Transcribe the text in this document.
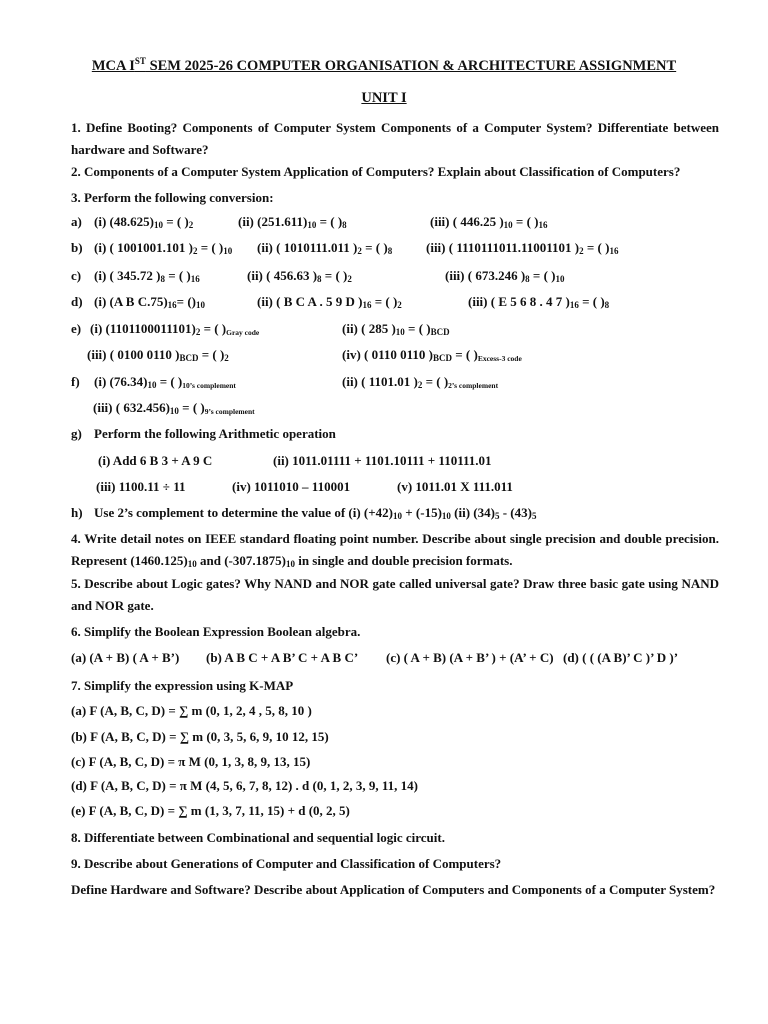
MCA IST SEM 2025-26 COMPUTER ORGANISATION & ARCHITECTURE ASSIGNMENT
UNIT I
1. Define Booting? Components of Computer System Components of a Computer System? Differentiate between hardware and Software?
2. Components of a Computer System Application of Computers? Explain about Classification of Computers?
3. Perform the following conversion:
a) (i) $(48.625)_{10}$ = ( )$_2$	(ii) $(251.611)_{10}$ = ( )$_8$	(iii) ( 446.25 )$_{10}$ = ( )$_{16}$
b) (i) ( 1001001.101 )$_2$ = ( )$_{10}$ (ii) ( 1010111.011 )$_2$ = ( )$_8$	(iii) ( 1110111011.11001101 )$_2$ = ( )$_{16}$
c) (i) ( 345.72 )$_8$ = ( )$_{16}$	(ii) ( 456.63 )$_8$ = ( )$_2$	(iii) ( 673.246 )$_8$ = ( )$_{10}$
d) (i) (A B $C.75)_{16}= ()_{10}$	(ii) ( B C A . 5 9 D )$_{16}$ = ( )$_2$	(iii) ( E 5 6 8 . 4 7 )$_{16}$ = ( )$_8$
e) (i) $(1101100011101)_2$ = ( )$_{Gray code}$	(ii) ( 285 )$_{10}$ = ( )$_{BCD}$
(iii) ( 0100 0110 )$_{BCD}$ = ( )$_2$	(iv) ( 0110 0110 )$_{BCD}$ = ( )$_{Excess-3 code}$
f) (i) $(76.34)_{10}$ = ( )$_{10’s complement}$	(ii) ( 1101.01 )$_2$ = ( )$_{2’s complement}$
(iii) ( $632.456)_{10}$ = ( )$_{9’s complement}$
g) Perform the following Arithmetic operation
(i) Add 6 B 3 + A 9 C	(ii) 1011.01111 + 1101.10111 + 110111.01
(iii) 1100.11 ÷ 11	(iv) 1011010 – 110001	(v) 1011.01 X 111.011
h) Use 2’s complement to determine the value of (i) $(+42)_{10} + (-15)_{10}$ (ii) $(34)_5 - (43)_5$
4. Write detail notes on IEEE standard floating point number. Describe about single precision and double precision. Represent $(1460.125)_{10}$ and $(-307.1875)_{10}$ in single and double precision formats.
5. Describe about Logic gates? Why NAND and NOR gate called universal gate? Draw three basic gate using NAND and NOR gate.
6. Simplify the Boolean Expression Boolean algebra.
(a) (A + B) ( A + B’) (b) A B C + A B’ C + A B C’ (c) ( A + B) (A + B’ ) + (A’ + C) (d) ( ( (A B)’ C )’ D )’
7. Simplify the expression using K-MAP
(a) F (A, B, C, D) = ∑ m (0, 1, 2, 4 , 5, 8, 10 )
(b) F (A, B, C, D) = ∑ m (0, 3, 5, 6, 9, 10 12, 15)
(c) F (A, B, C, D) = π M (0, 1, 3, 8, 9, 13, 15)
(d) F (A, B, C, D) = π M (4, 5, 6, 7, 8, 12) . d (0, 1, 2, 3, 9, 11, 14)
(e) F (A, B, C, D) = ∑ m (1, 3, 7, 11, 15) + d (0, 2, 5)
8. Differentiate between Combinational and sequential logic circuit.
9. Describe about Generations of Computer and Classification of Computers?
Define Hardware and Software? Describe about Application of Computers and Components of a Computer System?
